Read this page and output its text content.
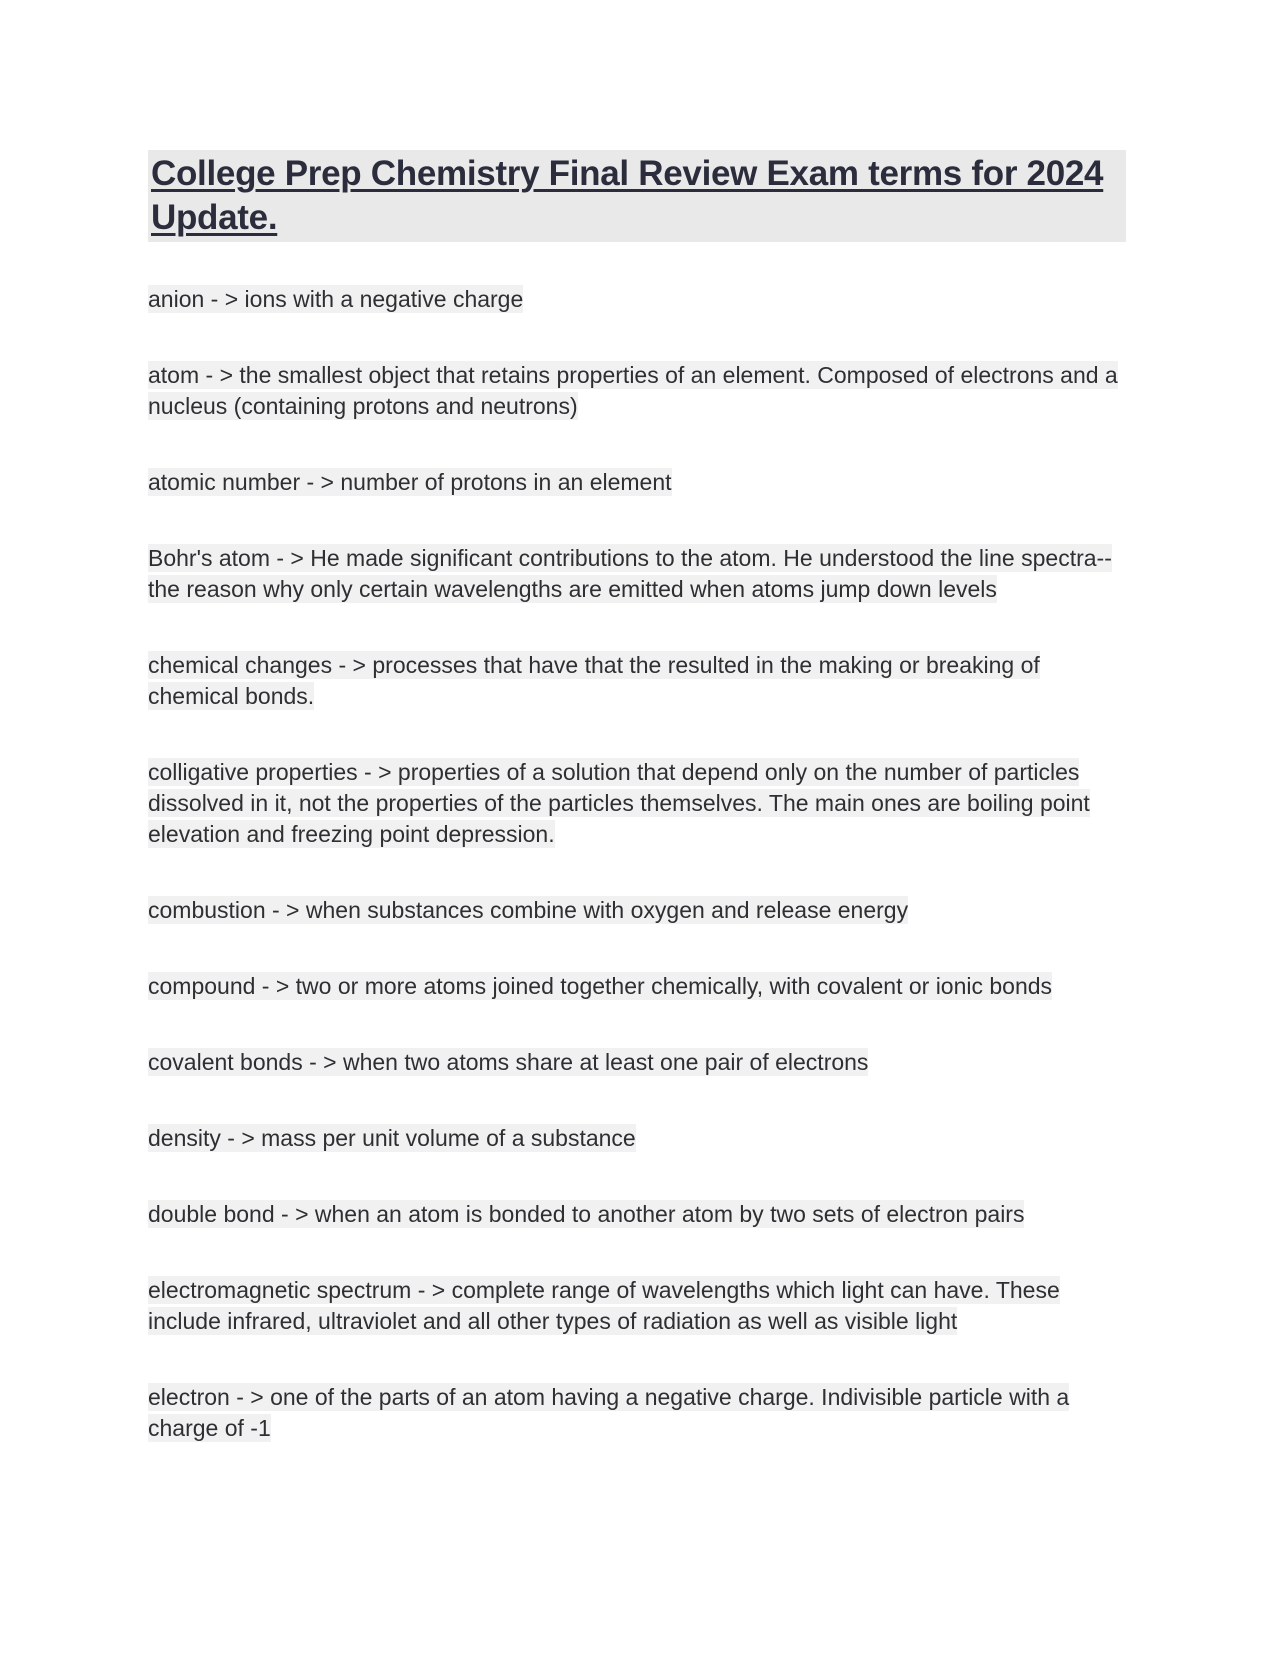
College Prep Chemistry Final Review Exam terms for 2024 Update.
anion - > ions with a negative charge
atom - > the smallest object that retains properties of an element. Composed of electrons and a nucleus (containing protons and neutrons)
atomic number - > number of protons in an element
Bohr's atom - > He made significant contributions to the atom. He understood the line spectra--the reason why only certain wavelengths are emitted when atoms jump down levels
chemical changes - > processes that have that the resulted in the making or breaking of chemical bonds.
colligative properties - > properties of a solution that depend only on the number of particles dissolved in it, not the properties of the particles themselves. The main ones are boiling point elevation and freezing point depression.
combustion - > when substances combine with oxygen and release energy
compound - > two or more atoms joined together chemically, with covalent or ionic bonds
covalent bonds - > when two atoms share at least one pair of electrons
density - > mass per unit volume of a substance
double bond - > when an atom is bonded to another atom by two sets of electron pairs
electromagnetic spectrum - > complete range of wavelengths which light can have. These include infrared, ultraviolet and all other types of radiation as well as visible light
electron - > one of the parts of an atom having a negative charge. Indivisible particle with a charge of -1
